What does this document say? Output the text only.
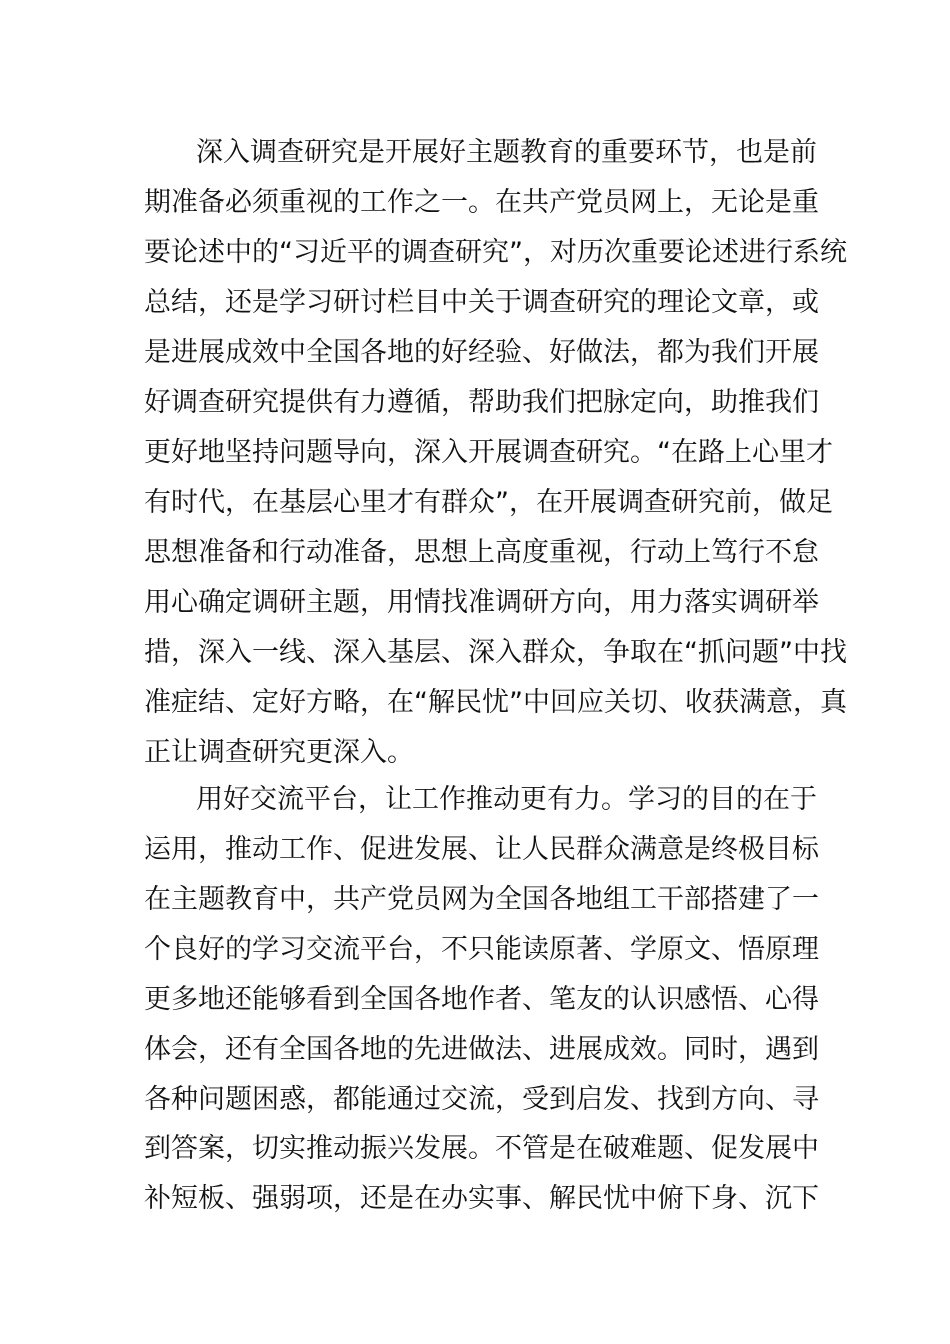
深入调查研究是开展好主题教育的重要环节，也是前
期准备必须重视的工作之一。在共产党员网上，无论是重
要论述中的“习近平的调查研究”，对历次重要论述进行系统
总结，还是学习研讨栏目中关于调查研究的理论文章，或
是进展成效中全国各地的好经验、好做法，都为我们开展
好调查研究提供有力遵循，帮助我们把脉定向，助推我们
更好地坚持问题导向，深入开展调查研究。“在路上心里才
有时代，在基层心里才有群众”，在开展调查研究前，做足
思想准备和行动准备，思想上高度重视，行动上笃行不怠
用心确定调研主题，用情找准调研方向，用力落实调研举
措，深入一线、深入基层、深入群众，争取在“抓问题”中找
准症结、定好方略，在“解民忧”中回应关切、收获满意，真
正让调查研究更深入。
用好交流平台，让工作推动更有力。学习的目的在于
运用，推动工作、促进发展、让人民群众满意是终极目标
在主题教育中，共产党员网为全国各地组工干部搭建了一
个良好的学习交流平台，不只能读原著、学原文、悟原理
更多地还能够看到全国各地作者、笔友的认识感悟、心得
体会，还有全国各地的先进做法、进展成效。同时，遇到
各种问题困惑，都能通过交流，受到启发、找到方向、寻
到答案，切实推动振兴发展。不管是在破难题、促发展中
补短板、强弱项，还是在办实事、解民忧中俯下身、沉下
